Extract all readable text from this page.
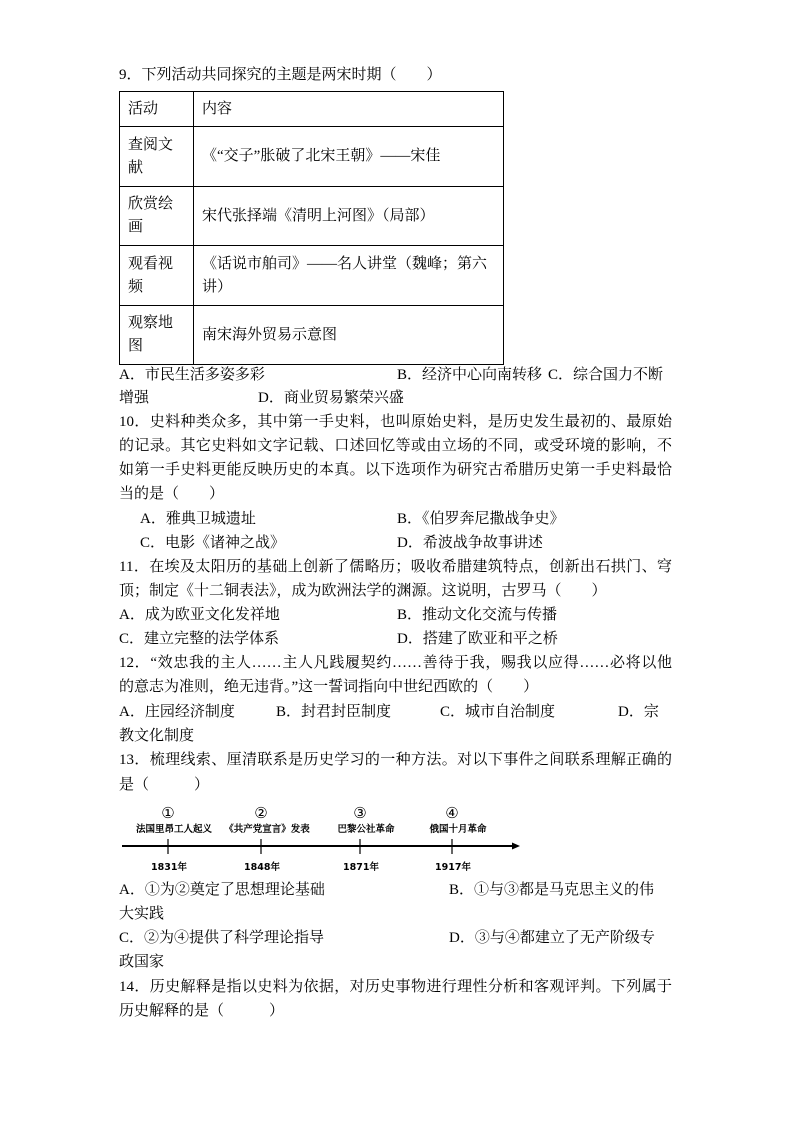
9．下列活动共同探究的主题是两宋时期（　　）
活动	内容
查阅文献	《“交子”胀破了北宋王朝》——宋佳
欣赏绘画	宋代张择端《清明上河图》（局部）
观看视频	《话说市舶司》——名人讲堂（魏峰；第六讲）
观察地图	南宋海外贸易示意图
A．市民生活多姿多彩	B．经济中心向南转移 C．综合国力不断
增强	D．商业贸易繁荣兴盛
10．史料种类众多，其中第一手史料，也叫原始史料，是历史发生最初的、最原始
的记录。其它史料如文字记载、口述回忆等或由立场的不同，或受环境的影响，不
如第一手史料更能反映历史的本真。以下选项作为研究古希腊历史第一手史料最恰
当的是（　　）
A．雅典卫城遗址	B．《伯罗奔尼撒战争史》
C．电影《诸神之战》	D．希波战争故事讲述
11．在埃及太阳历的基础上创新了儒略历；吸收希腊建筑特点，创新出石拱门、穹
顶；制定《十二铜表法》，成为欧洲法学的渊源。这说明，古罗马（　　）
A．成为欧亚文化发祥地	B．推动文化交流与传播
C．建立完整的法学体系	D．搭建了欧亚和平之桥
12．“效忠我的主人……主人凡践履契约……善待于我，赐我以应得……必将以他
的意志为准则，绝无违背。”这一誓词指向中世纪西欧的（　　）
A．庄园经济制度	B．封君封臣制度	C．城市自治制度	D．宗
教文化制度
13．梳理线索、厘清联系是历史学习的一种方法。对以下事件之间联系理解正确的
是（　　　）
①
法国里昂工人起义
1831年
②
《共产党宣言》发表
1848年
③
巴黎公社革命
1871年
④
俄国十月革命
1917年
A．①为②奠定了思想理论基础	B．①与③都是马克思主义的伟
大实践
C．②为④提供了科学理论指导	D．③与④都建立了无产阶级专
政国家
14．历史解释是指以史料为依据，对历史事物进行理性分析和客观评判。下列属于
历史解释的是（　　　）
